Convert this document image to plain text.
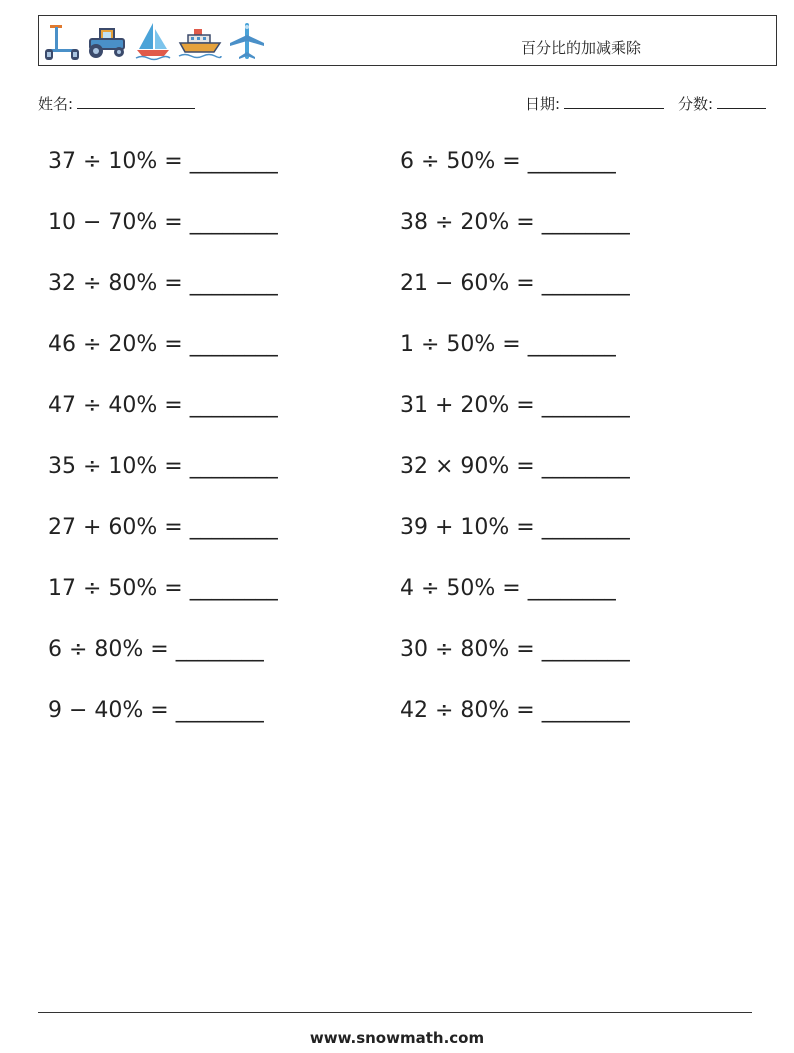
百分比的加减乘除
姓名:	日期:	分数:
37 ÷ 10% = ________
10 − 70% = ________
32 ÷ 80% = ________
46 ÷ 20% = ________
47 ÷ 40% = ________
35 ÷ 10% = ________
27 + 60% = ________
17 ÷ 50% = ________
6 ÷ 80% = ________
9 − 40% = ________
6 ÷ 50% = ________
38 ÷ 20% = ________
21 − 60% = ________
1 ÷ 50% = ________
31 + 20% = ________
32 × 90% = ________
39 + 10% = ________
4 ÷ 50% = ________
30 ÷ 80% = ________
42 ÷ 80% = ________
www.snowmath.com
